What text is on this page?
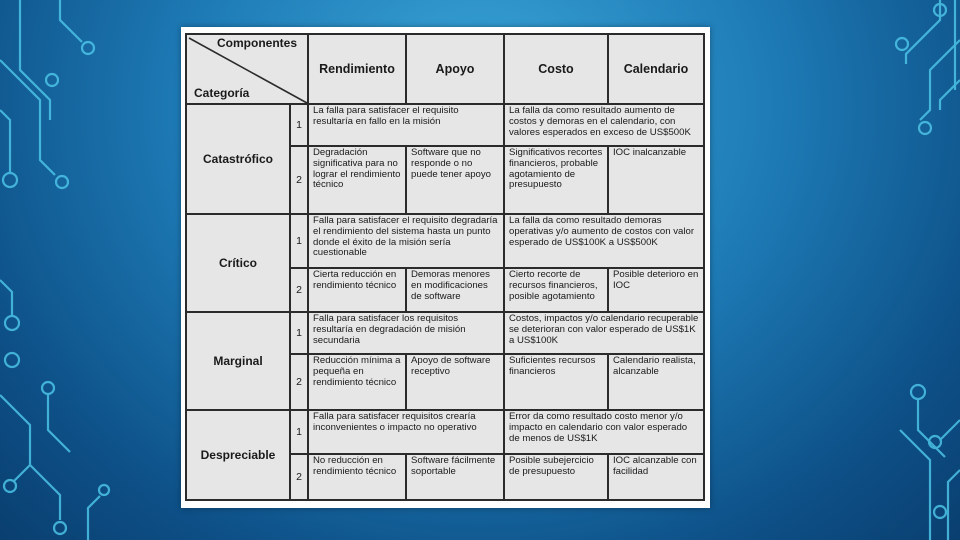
Componentes
Categoría		Rendimiento	Apoyo	Costo	Calendario
Catastrófico	1	La falla para satisfacer el requisito resultaría en fallo en la misión		La falla da como resultado aumento de costos y demoras en el calendario, con valores esperados en exceso de US$500K	
	2	Degradación significativa para no lograr el rendimiento técnico	Software que no responde o no puede tener apoyo	Significativos recortes financieros, probable agotamiento de presupuesto	IOC inalcanzable
Crítico	1	Falla para satisfacer el requisito degradaría el rendimiento del sistema hasta un punto donde el éxito de la misión sería cuestionable		La falla da como resultado demoras operativas y/o aumento de costos con valor esperado de US$100K a US$500K	
	2	Cierta reducción en rendimiento técnico	Demoras menores en modificaciones de software	Cierto recorte de recursos financieros, posible agotamiento	Posible deterioro en IOC
Marginal	1	Falla para satisfacer los requisitos resultaría en degradación de misión secundaria		Costos, impactos y/o calendario recuperable se deterioran con valor esperado de US$1K a US$100K	
	2	Reducción mínima a pequeña en rendimiento técnico	Apoyo de software receptivo	Suficientes recursos financieros	Calendario realista, alcanzable
Despreciable	1	Falla para satisfacer requisitos crearía inconvenientes o impacto no operativo		Error da como resultado costo menor y/o impacto en calendario con valor esperado de menos de US$1K	
	2	No reducción en rendimiento técnico	Software fácilmente soportable	Posible subejercicio de presupuesto	IOC alcanzable con facilidad
